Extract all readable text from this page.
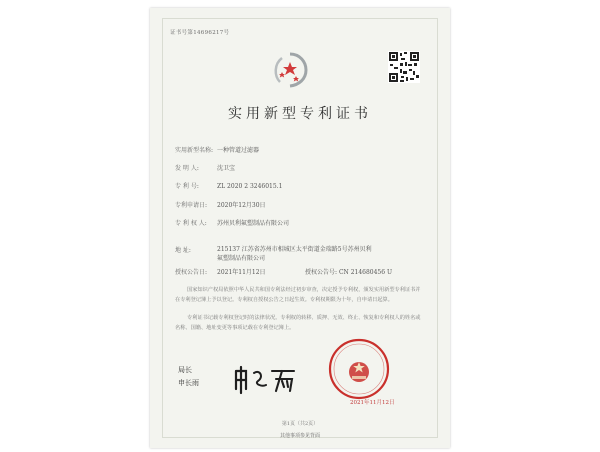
证书号第14696217号
实用新型专利证书
实用新型名称: 一种管道过滤器
发 明 人:	沈卫宝
专 利 号:	ZL 2020 2 3246015.1
专利申请日: 2020年12月30日
专 利 权 人: 苏州贝利氟塑制品有限公司
地 址:	215137 江苏省苏州市相城区太平街道金瑞路5号苏州贝利
氟塑制品有限公司
授权公告日: 2021年11月12日	授权公告号: CN 214680456 U
国家知识产权局依照中华人民共和国专利法经过初步审查，决定授予专利权，颁发实用新型专利证书并在专利登记簿上予以登记。专利权自授权公告之日起生效。专利权期限为十年，自申请日起算。
专利证书记载专利权登记时的法律状况。专利权的转移、质押、无效、终止、恢复和专利权人的姓名或名称、国籍、地址变更等事项记载在专利登记簿上。
局长
申长雨
2021年11月12日
第1页（共2页）
其他事项参见背面
